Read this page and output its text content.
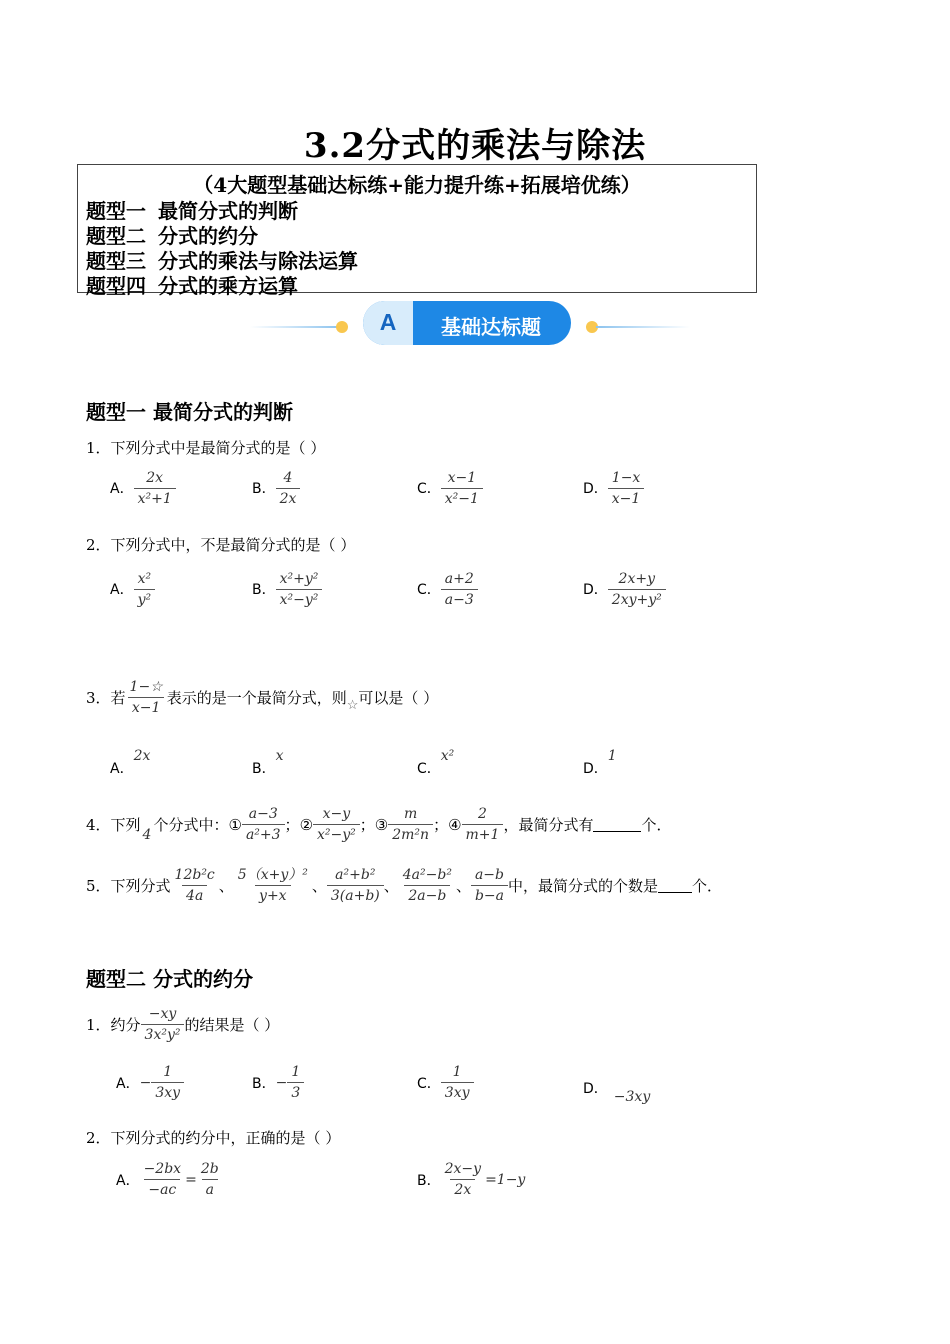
3.2分式的乘法与除法
（4大题型基础达标练+能力提升练+拓展培优练）
题型一 最简分式的判断
题型二 分式的约分
题型三 分式的乘法与除法运算
题型四 分式的乘方运算
A	基础达标题
题型一 最简分式的判断
1．下列分式中是最简分式的是（ ）
A． $\frac{2x}{\text{x²+1}}$	B． $\frac{4}{2x}$	C． $\frac{x-1}{\text{x²−1}}$	D． $\frac{1-x}{x-1}$
2．下列分式中，不是最简分式的是（ ）
A． $\frac{\text{x²}}{\text{y²}}$	B． $\frac{\text{x²+y²}}{\text{x²−y²}}$	C． $\frac{a+2}{a-3}$	D． $\frac{2x+y}{\text{2xy+y²}}$
3．若 $\frac{1-☆}{x-1}$ 表示的是一个最简分式，则 ☆ 可以是（ ）
A．2x
B．x
C．x²
D．1
4．下列
4
个分式中： ① $\frac{a-3}{\text{a²+3}}$ ； ② $\frac{x-y}{\text{x²−y²}}$ ； ③ $\frac{m}{\text{2m²n}}$ ； ④ $\frac{2}{m+1}$ ， 最简分式有	个．
5．下列分式 $\frac{\text{12b²c}}{4a}$ 、 $\frac{\text{5（x+y）²}}{y+x}$ 、 $\frac{\text{a²+b²}}{3(a+b)}$ 、 $\frac{\text{4a²−b²}}{2a-b}$ 、 $\frac{a-b}{b-a}$ 中，最简分式的个数是 个．
题型二 分式的约分
1．约分 $\frac{-xy}{\text{3x²y²}}$ 的结果是（ ）
A． − $\frac{1}{3xy}$	B． − $\frac{1}{3}$	C． $\frac{1}{3xy}$	D． −3xy
2．下列分式的约分中，正确的是（ ）
A． $\frac{-2bx}{-ac} = \frac{2b}{a}$	B． $\frac{2x-y}{2x} = 1-y$
